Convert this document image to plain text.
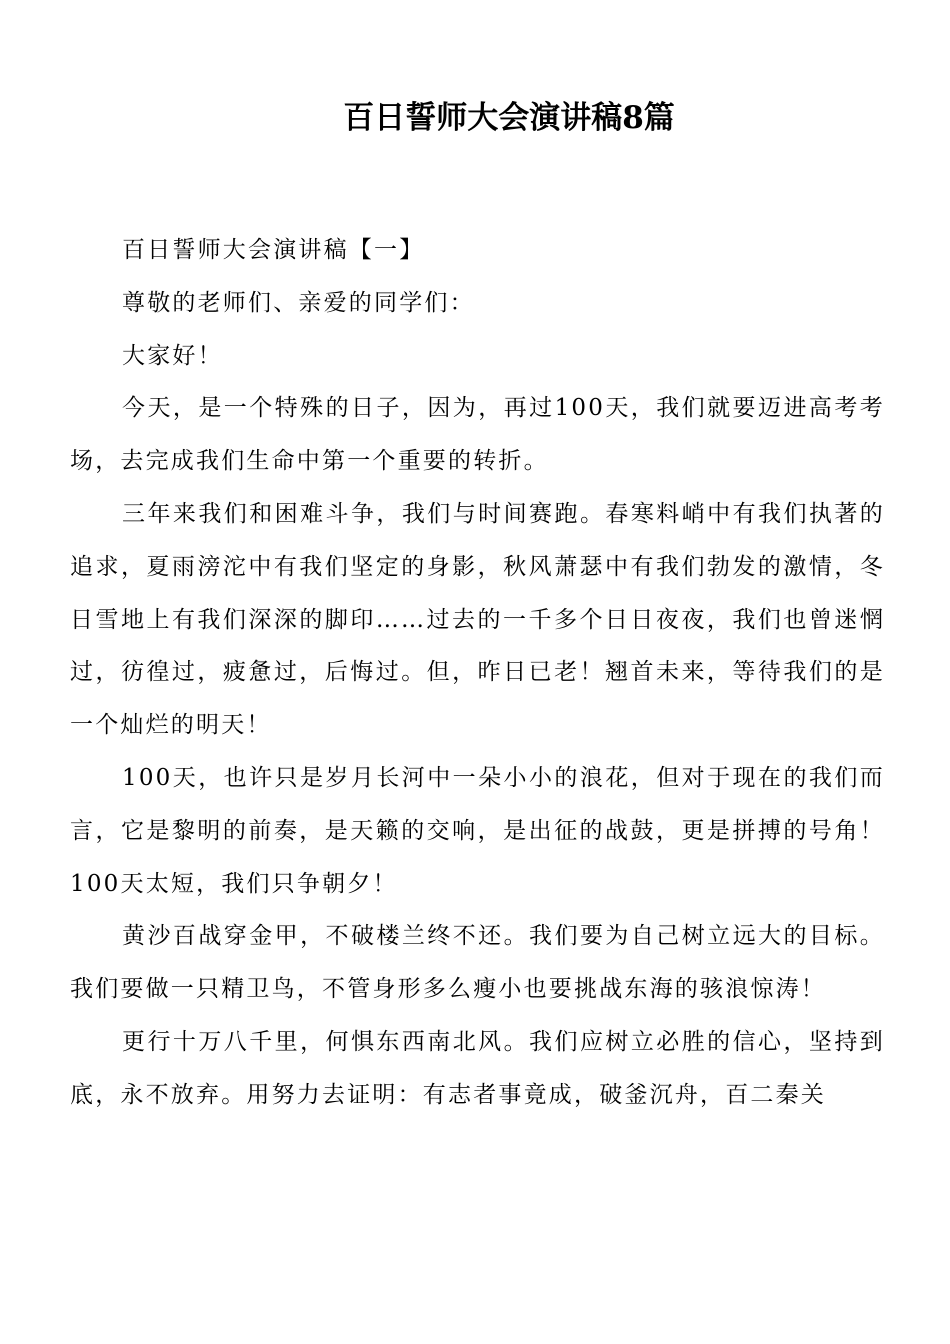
百日誓师大会演讲稿8篇

百日誓师大会演讲稿【一】

尊敬的老师们、亲爱的同学们：

大家好！

今天，是一个特殊的日子，因为，再过100天，我们就要迈进高考考场，去完成我们生命中第一个重要的转折。

三年来我们和困难斗争，我们与时间赛跑。春寒料峭中有我们执著的追求，夏雨滂沱中有我们坚定的身影，秋风萧瑟中有我们勃发的激情，冬日雪地上有我们深深的脚印……过去的一千多个日日夜夜，我们也曾迷惘过，彷徨过，疲惫过，后悔过。但，昨日已老！翘首未来，等待我们的是一个灿烂的明天！

100天，也许只是岁月长河中一朵小小的浪花，但对于现在的我们而言，它是黎明的前奏，是天籁的交响，是出征的战鼓，更是拼搏的号角！100天太短，我们只争朝夕！

黄沙百战穿金甲，不破楼兰终不还。我们要为自己树立远大的目标。我们要做一只精卫鸟，不管身形多么瘦小也要挑战东海的骇浪惊涛！

更行十万八千里，何惧东西南北风。我们应树立必胜的信心，坚持到底，永不放弃。用努力去证明：有志者事竟成，破釜沉舟，百二秦关
